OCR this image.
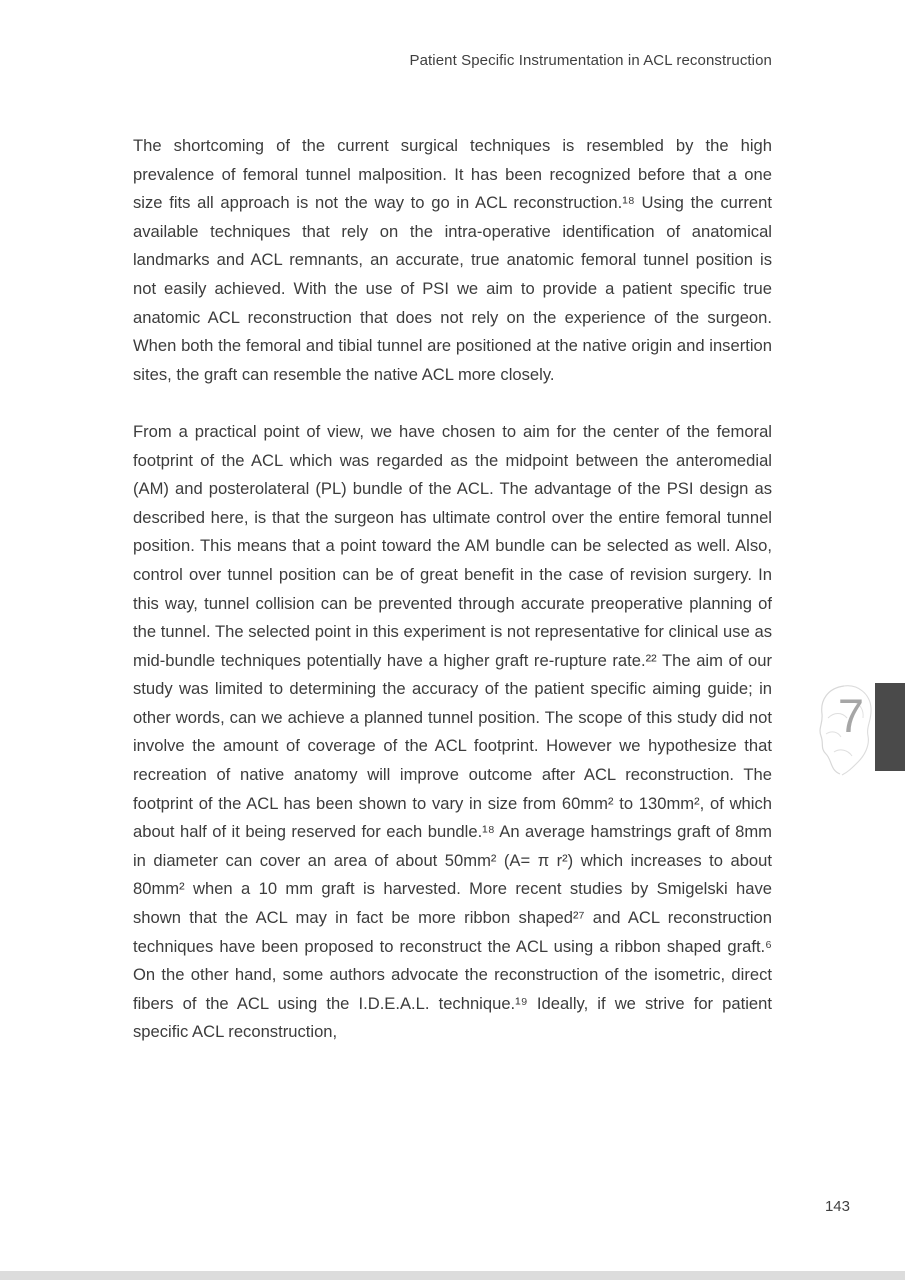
Patient Specific Instrumentation in ACL reconstruction

The shortcoming of the current surgical techniques is resembled by the high prevalence of femoral tunnel malposition. It has been recognized before that a one size fits all approach is not the way to go in ACL reconstruction.¹⁸ Using the current available techniques that rely on the intra-operative identification of anatomical landmarks and ACL remnants, an accurate, true anatomic femoral tunnel position is not easily achieved. With the use of PSI we aim to provide a patient specific true anatomic ACL reconstruction that does not rely on the experience of the surgeon. When both the femoral and tibial tunnel are positioned at the native origin and insertion sites, the graft can resemble the native ACL more closely.

From a practical point of view, we have chosen to aim for the center of the femoral footprint of the ACL which was regarded as the midpoint between the anteromedial (AM) and posterolateral (PL) bundle of the ACL. The advantage of the PSI design as described here, is that the surgeon has ultimate control over the entire femoral tunnel position. This means that a point toward the AM bundle can be selected as well. Also, control over tunnel position can be of great benefit in the case of revision surgery. In this way, tunnel collision can be prevented through accurate preoperative planning of the tunnel. The selected point in this experiment is not representative for clinical use as mid-bundle techniques potentially have a higher graft re-rupture rate.²² The aim of our study was limited to determining the accuracy of the patient specific aiming guide; in other words, can we achieve a planned tunnel position. The scope of this study did not involve the amount of coverage of the ACL footprint. However we hypothesize that recreation of native anatomy will improve outcome after ACL reconstruction. The footprint of the ACL has been shown to vary in size from 60mm² to 130mm², of which about half of it being reserved for each bundle.¹⁸ An average hamstrings graft of 8mm in diameter can cover an area of about 50mm² (A= π r²) which increases to about 80mm² when a 10 mm graft is harvested. More recent studies by Smigelski have shown that the ACL may in fact be more ribbon shaped²⁷ and ACL reconstruction techniques have been proposed to reconstruct the ACL using a ribbon shaped graft.⁶ On the other hand, some authors advocate the reconstruction of the isometric, direct fibers of the ACL using the I.D.E.A.L. technique.¹⁹ Ideally, if we strive for patient specific ACL reconstruction,

7
143
